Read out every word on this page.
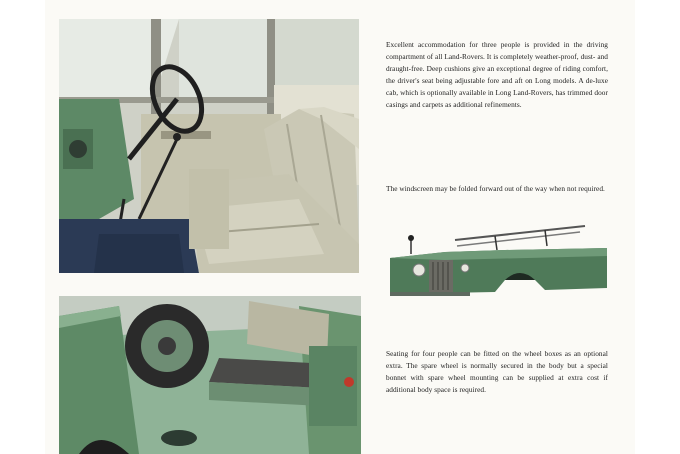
Excellent accommodation for three people is provided in the driving compartment of all Land-Rovers. It is completely weather-proof, dust- and draught-free. Deep cushions give an exceptional degree of riding comfort, the driver's seat being adjustable fore and aft on Long models. A de-luxe cab, which is optionally available in Long Land-Rovers, has trimmed door casings and carpets as additional refinements.

The windscreen may be folded forward out of the way when not required.

Seating for four people can be fitted on the wheel boxes as an optional extra. The spare wheel is normally secured in the body but a special bonnet with spare wheel mounting can be supplied at extra cost if additional body space is required.
